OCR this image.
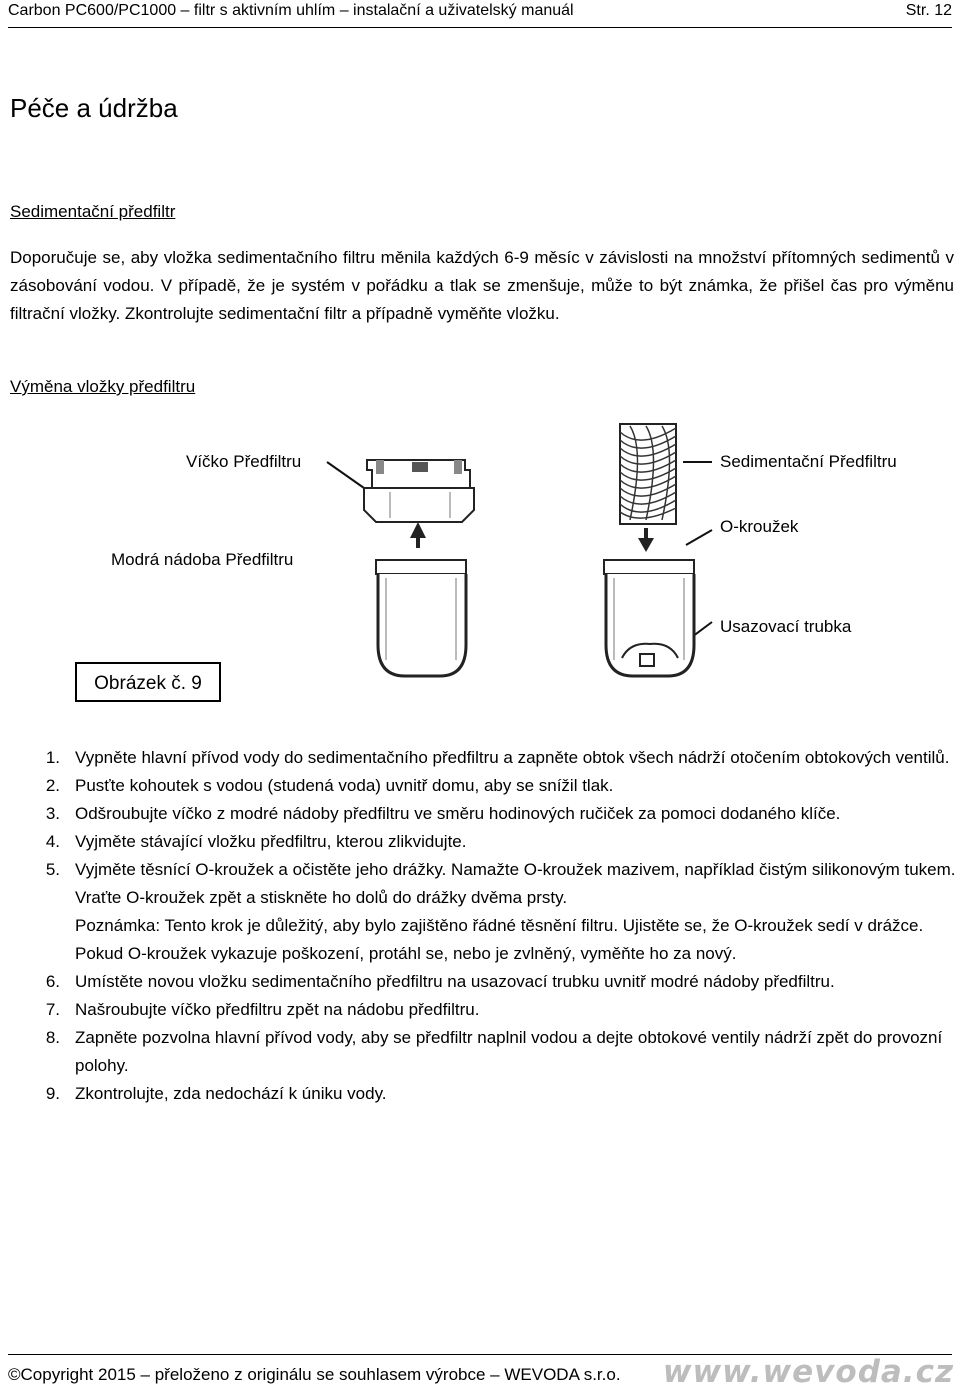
Carbon PC600/PC1000 – filtr s aktivním uhlím – instalační a uživatelský manuál	Str. 12
Péče a údržba
Sedimentační předfiltr
Doporučuje se, aby vložka sedimentačního filtru měnila každých 6-9 měsíc v závislosti na množství přítomných sedimentů v zásobování vodou. V případě, že je systém v pořádku a tlak se zmenšuje, může to být známka, že přišel čas pro výměnu filtrační vložky. Zkontrolujte sedimentační filtr a případně vyměňte vložku.
Výměna vložky předfiltru
Víčko Předfiltru
Modrá nádoba Předfiltru
Sedimentační Předfiltru
O-kroužek
Usazovací trubka
Obrázek č. 9
1. Vypněte hlavní přívod vody do sedimentačního předfiltru a zapněte obtok všech nádrží otočením obtokových ventilů.
2. Pusťte kohoutek s vodou (studená voda) uvnitř domu, aby se snížil tlak.
3. Odšroubujte víčko z modré nádoby předfiltru ve směru hodinových ručiček za pomoci dodaného klíče.
4. Vyjměte stávající vložku předfiltru, kterou zlikvidujte.
5. Vyjměte těsnící O-kroužek a očistěte jeho drážky. Namažte O-kroužek mazivem, například čistým silikonovým tukem. Vraťte O-kroužek zpět a stiskněte ho dolů do drážky dvěma prsty.
Poznámka: Tento krok je důležitý, aby bylo zajištěno řádné těsnění filtru. Ujistěte se, že O-kroužek sedí v drážce. Pokud O-kroužek vykazuje poškození, protáhl se, nebo je zvlněný, vyměňte ho za nový.
6. Umístěte novou vložku sedimentačního předfiltru na usazovací trubku uvnitř modré nádoby předfiltru.
7. Našroubujte víčko předfiltru zpět na nádobu předfiltru.
8. Zapněte pozvolna hlavní přívod vody, aby se předfiltr naplnil vodou a dejte obtokové ventily nádrží zpět do provozní polohy.
9. Zkontrolujte, zda nedochází k úniku vody.
©Copyright 2015 – přeloženo z originálu se souhlasem výrobce – WEVODA s.r.o. www.wevoda.cz
